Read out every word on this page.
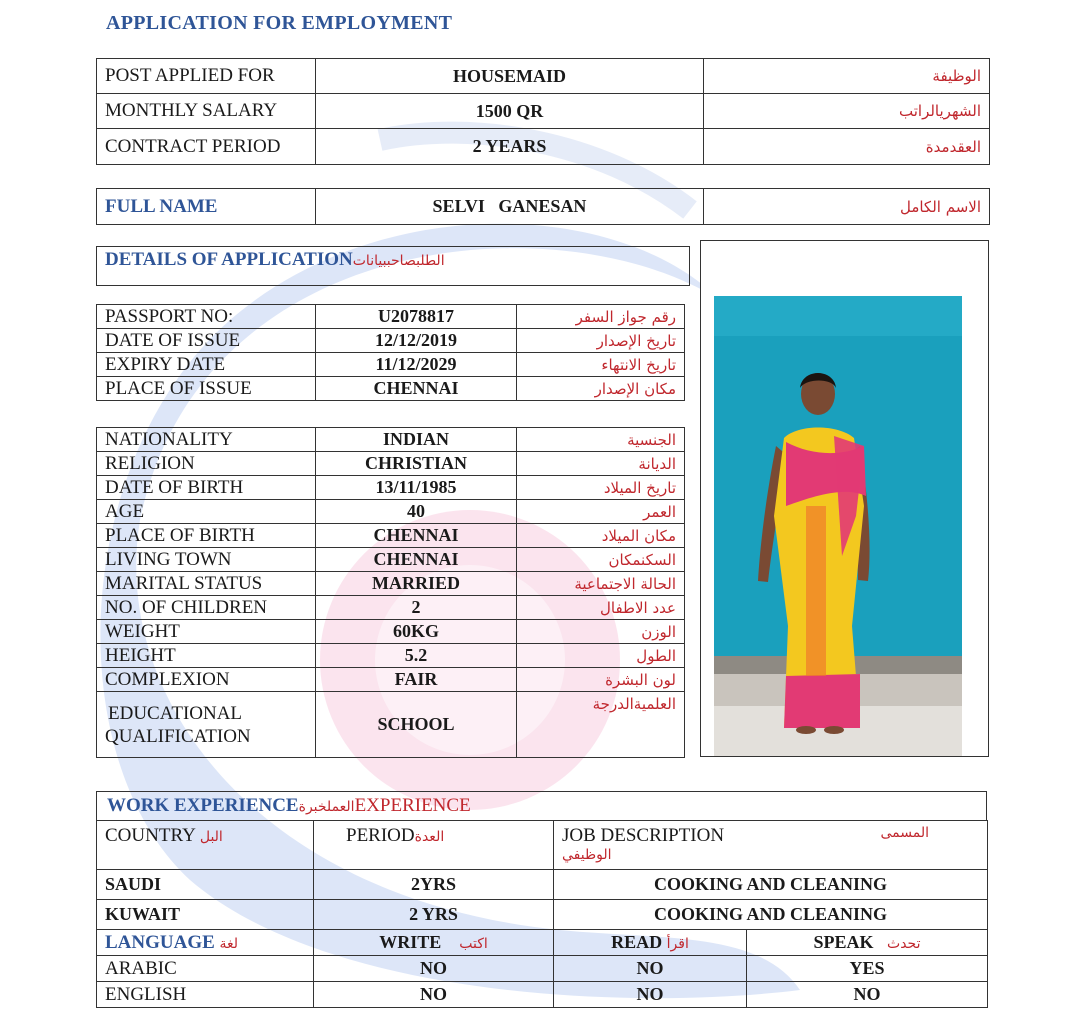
APPLICATION FOR EMPLOYMENT
POST APPLIED FOR	HOUSEMAID	الوظيفة
MONTHLY SALARY	1500 QR	الشهريالراتب
CONTRACT PERIOD	2 YEARS	العقدمدة
FULL NAME	SELVI GANESAN	الاسم الكامل
DETAILS OF APPLICATIONالطلبصاحببيانات
PASSPORT NO:	U2078817	رقم جواز السفر
DATE OF ISSUE	12/12/2019	تاريخ الإصدار
EXPIRY DATE	11/12/2029	تاريخ الانتهاء
PLACE OF ISSUE	CHENNAI	مكان الإصدار
NATIONALITY	INDIAN	الجنسية
RELIGION	CHRISTIAN	الديانة
DATE OF BIRTH	13/11/1985	تاريخ الميلاد
AGE	40	العمر
PLACE OF BIRTH	CHENNAI	مكان الميلاد
LIVING TOWN	CHENNAI	السكنمكان
MARITAL STATUS	MARRIED	الحالة الاجتماعية
NO. OF CHILDREN	2	عدد الاطفال
WEIGHT	60KG	الوزن
HEIGHT	5.2	الطول
COMPLEXION	FAIR	لون البشرة

EDUCATIONAL
QUALIFICATION	SCHOOL	العلميةالدرجة
WORK EXPERIENCEالعملخبرةEXPERIENCE
COUNTRY البل	PERIODالعدة	JOB DESCRIPTION المسمى
الوظيفي	

SAUDI	2YRS	COOKING AND CLEANING	
KUWAIT	2 YRS	COOKING AND CLEANING	
LANGUAGE لغة	WRITE اكتب	READ اقرأ	SPEAK تحدث
ARABIC	NO	NO	YES
ENGLISH	NO	NO	NO
